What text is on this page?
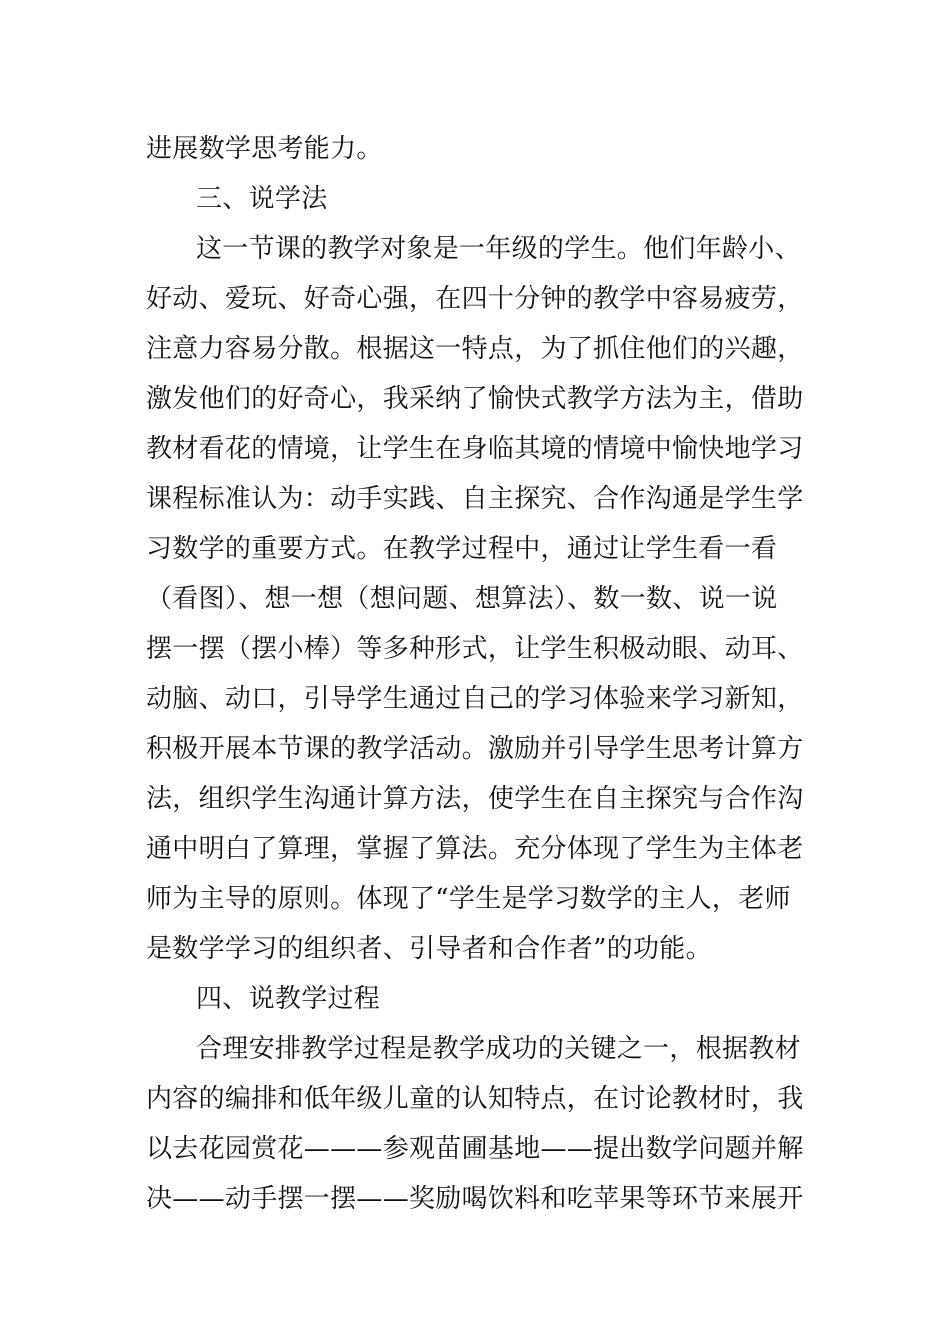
进展数学思考能力。
三、说学法
这一节课的教学对象是一年级的学生。他们年龄小、
好动、爱玩、好奇心强，在四十分钟的教学中容易疲劳，
注意力容易分散。根据这一特点，为了抓住他们的兴趣，
激发他们的好奇心，我采纳了愉快式教学方法为主，借助
教材看花的情境，让学生在身临其境的情境中愉快地学习
课程标准认为：动手实践、自主探究、合作沟通是学生学
习数学的重要方式。在教学过程中，通过让学生看一看
（看图）、想一想（想问题、想算法）、数一数、说一说
摆一摆（摆小棒）等多种形式，让学生积极动眼、动耳、
动脑、动口，引导学生通过自己的学习体验来学习新知，
积极开展本节课的教学活动。激励并引导学生思考计算方
法，组织学生沟通计算方法，使学生在自主探究与合作沟
通中明白了算理，掌握了算法。充分体现了学生为主体老
师为主导的原则。体现了“学生是学习数学的主人，老师
是数学学习的组织者、引导者和合作者”的功能。
四、说教学过程
合理安排教学过程是教学成功的关键之一，根据教材
内容的编排和低年级儿童的认知特点，在讨论教材时，我
以去花园赏花———参观苗圃基地——提出数学问题并解
决——动手摆一摆——奖励喝饮料和吃苹果等环节来展开
